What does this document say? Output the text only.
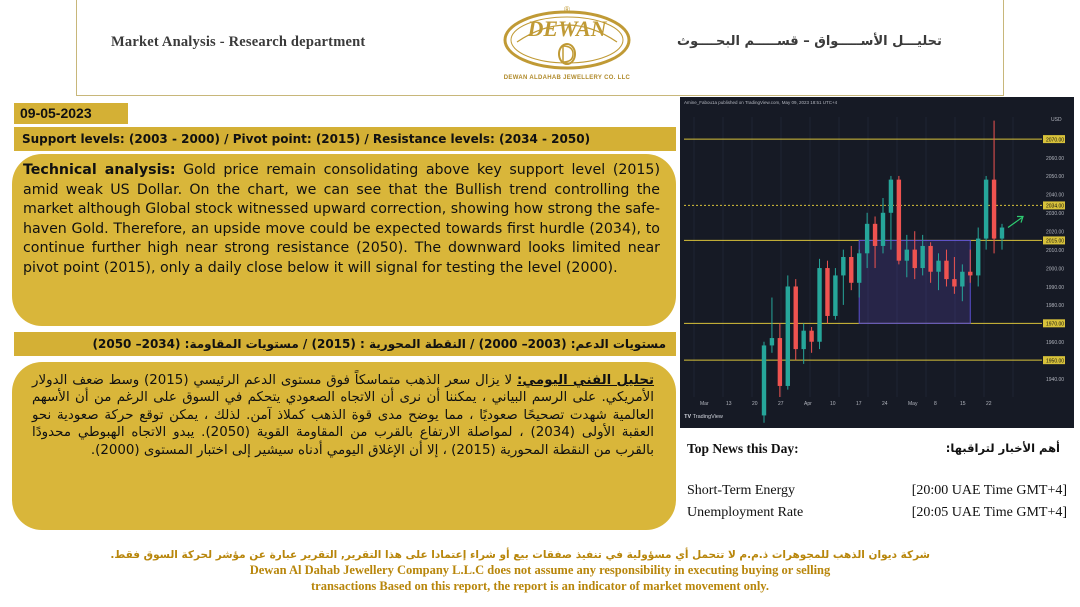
Market Analysis - Research department
DEWAN
®
DEWAN ALDAHAB JEWELLERY CO. LLC
تحليـــل الأســـــواق – قســـــم البحــــوث
09-05-2023
Support levels: (2003 - 2000) / Pivot point: (2015) / Resistance levels: (2034 - 2050)
Technical analysis: Gold price remain consolidating above key support level (2015) amid weak US Dollar. On the chart, we can see that the Bullish trend controlling the market although Global stock witnessed upward correction, showing how strong the safe-haven Gold. Therefore, an upside move could be expected towards first hurdle (2034), to continue further high near strong resistance (2050). The downward looks limited near pivot point (2015), only a daily close below it will signal for testing the level (2000).
مستويات الدعم: (2003– 2000) / النقطة المحورية : (2015) / مستويات المقاومة: (2034– 2050)
تحليل الفني اليومي: لا يزال سعر الذهب متماسكاً فوق مستوى الدعم الرئيسي (2015) وسط ضعف الدولار الأمريكي. على الرسم البياني ، يمكننا أن نرى أن الاتجاه الصعودي يتحكم في السوق على الرغم من أن الأسهم العالمية شهدت تصحيحًا صعوديًا ، مما يوضح مدى قوة الذهب كملاذ آمن. لذلك ، يمكن توقع حركة صعودية نحو العقبة الأولى (2034) ، لمواصلة الارتفاع بالقرب من المقاومة القوية (2050). يبدو الاتجاه الهبوطي محدودًا بالقرب من النقطة المحورية (2015) ، إلا أن الإغلاق اليومي أدناه سيشير إلى اختبار المستوى (2000).
Amine_Fabou1a published on TradingView.com, May 09, 2023 18:51 UTC+4
2070.00
2060.00
2050.00
2040.00
2034.00
2030.00
2020.00
2015.00
2010.00
2000.00
1990.00
1980.00
1970.00
1960.00
1950.00
1940.00
USD
Mar	13	20	27	Apr	10	17	24	May	8	15	22
𝐓𝐕 TradingView
Top News this Day:	أهم الأخبار لتراقبها:
Short-Term Energy	[20:00 UAE Time GMT+4]
Unemployment Rate	[20:05 UAE Time GMT+4]
شركة ديوان الذهب للمجوهرات ذ.م.م لا تتحمل أي مسؤولية في تنفيذ صفقات بيع أو شراء إعتمادا على هذا التقرير, التقرير عبارة عن مؤشر لحركة السوق فقط.
Dewan Al Dahab Jewellery Company L.L.C does not assume any responsibility in executing buying or selling
transactions Based on this report, the report is an indicator of market movement only.
